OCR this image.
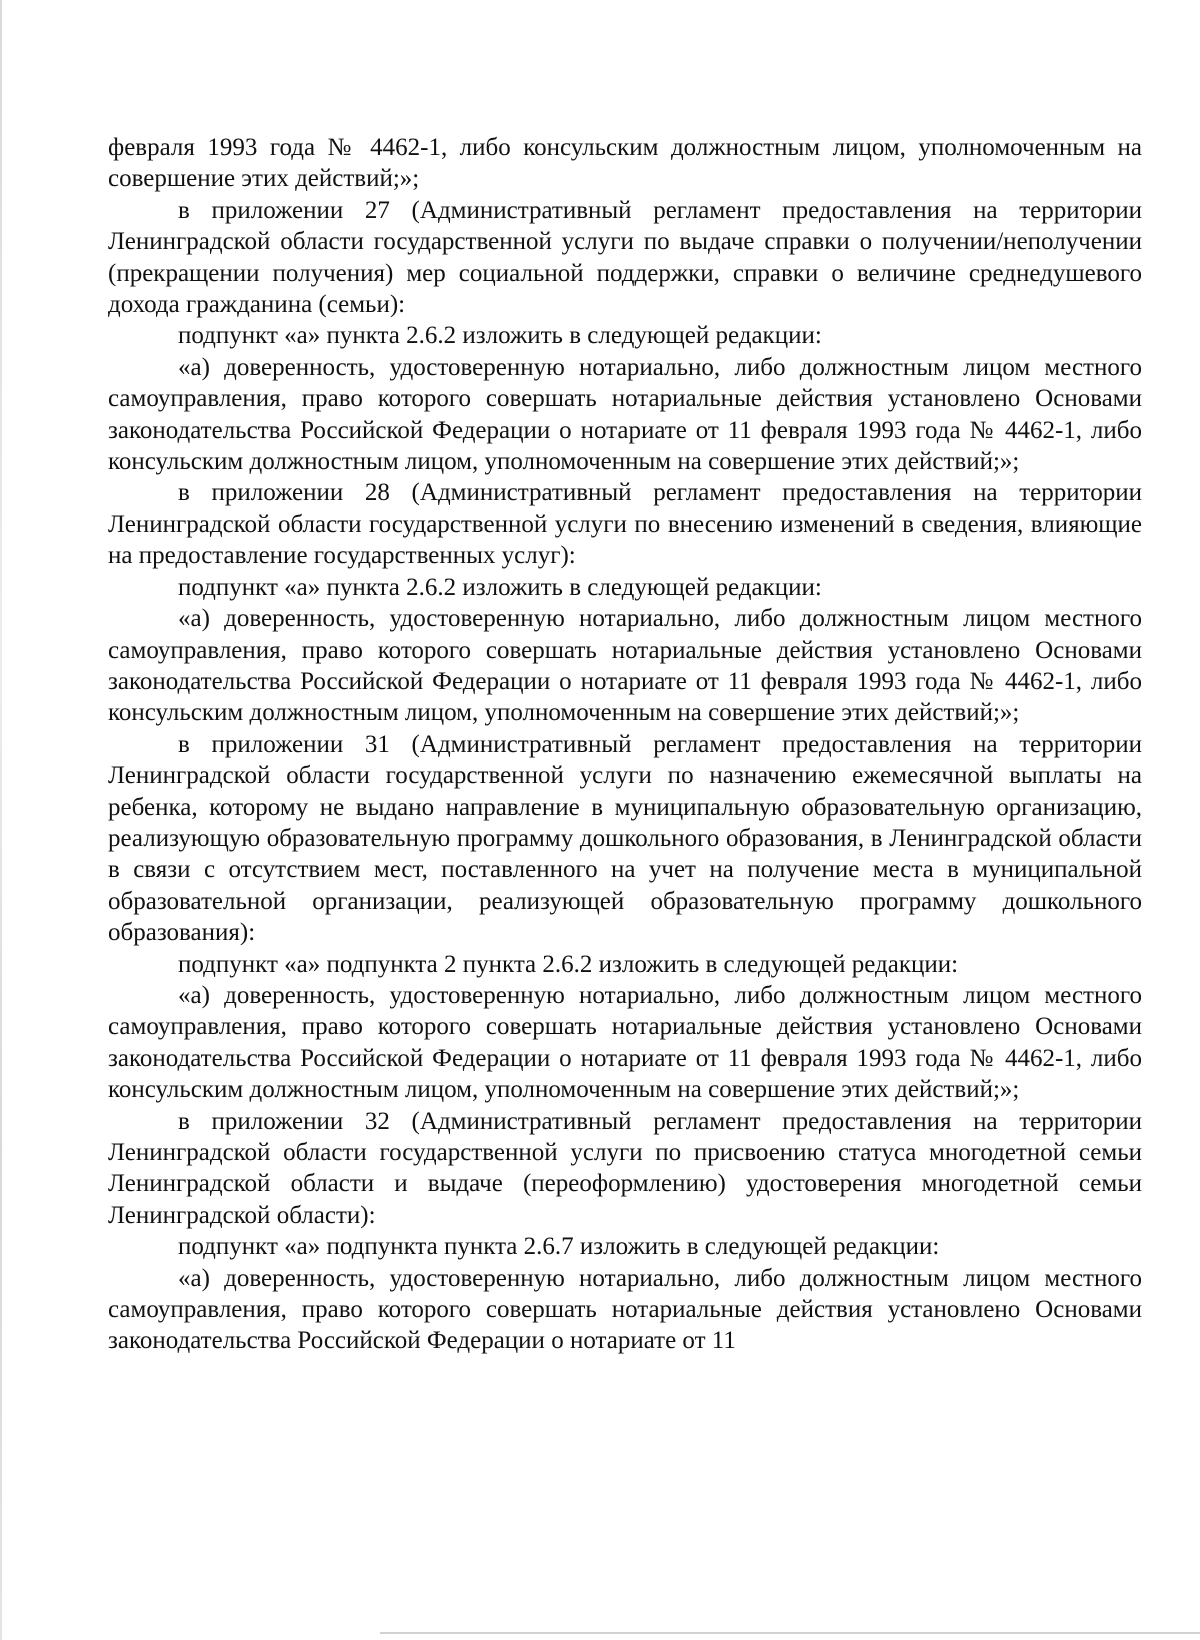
февраля 1993 года № 4462-1, либо консульским должностным лицом, уполномоченным на совершение этих действий;»;

в приложении 27 (Административный регламент предоставления на территории Ленинградской области государственной услуги по выдаче справки о получении/неполучении (прекращении получения) мер социальной поддержки, справки о величине среднедушевого дохода гражданина (семьи):

подпункт «а» пункта 2.6.2 изложить в следующей редакции:

«а) доверенность, удостоверенную нотариально, либо должностным лицом местного самоуправления, право которого совершать нотариальные действия установлено Основами законодательства Российской Федерации о нотариате от 11 февраля 1993 года № 4462-1, либо консульским должностным лицом, уполномоченным на совершение этих действий;»;

в приложении 28 (Административный регламент предоставления на территории Ленинградской области государственной услуги по внесению изменений в сведения, влияющие на предоставление государственных услуг):

подпункт «а» пункта 2.6.2 изложить в следующей редакции:

«а) доверенность, удостоверенную нотариально, либо должностным лицом местного самоуправления, право которого совершать нотариальные действия установлено Основами законодательства Российской Федерации о нотариате от 11 февраля 1993 года № 4462-1, либо консульским должностным лицом, уполномоченным на совершение этих действий;»;

в приложении 31 (Административный регламент предоставления на территории Ленинградской области государственной услуги по назначению ежемесячной выплаты на ребенка, которому не выдано направление в муниципальную образовательную организацию, реализующую образовательную программу дошкольного образования, в Ленинградской области в связи с отсутствием мест, поставленного на учет на получение места в муниципальной образовательной организации, реализующей образовательную программу дошкольного образования):

подпункт «а» подпункта 2 пункта 2.6.2 изложить в следующей редакции:

«а) доверенность, удостоверенную нотариально, либо должностным лицом местного самоуправления, право которого совершать нотариальные действия установлено Основами законодательства Российской Федерации о нотариате от 11 февраля 1993 года № 4462-1, либо консульским должностным лицом, уполномоченным на совершение этих действий;»;

в приложении 32 (Административный регламент предоставления на территории Ленинградской области государственной услуги по присвоению статуса многодетной семьи Ленинградской области и выдаче (переоформлению) удостоверения многодетной семьи Ленинградской области):

подпункт «а» подпункта пункта 2.6.7 изложить в следующей редакции:

«а) доверенность, удостоверенную нотариально, либо должностным лицом местного самоуправления, право которого совершать нотариальные действия установлено Основами законодательства Российской Федерации о нотариате от 11
